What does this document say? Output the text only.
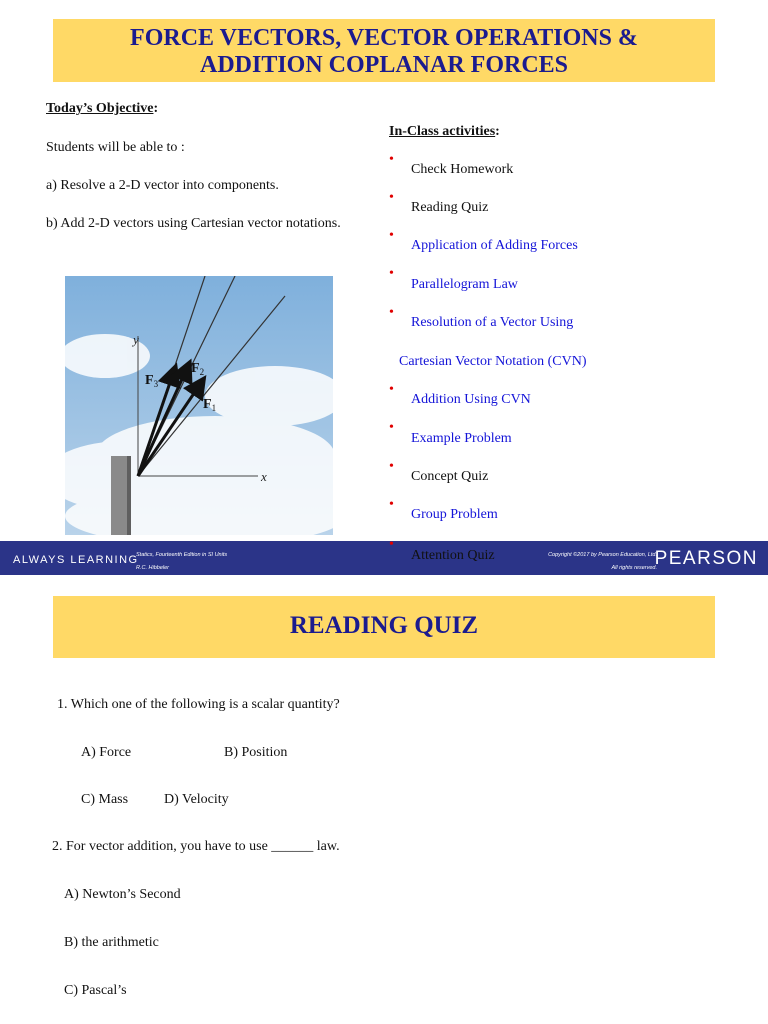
FORCE VECTORS, VECTOR OPERATIONS &
ADDITION COPLANAR FORCES
Today’s Objective:
Students will be able to :
a) Resolve a 2-D vector into components.
b) Add 2-D vectors using Cartesian vector notations.
y
x
$F_3$
$F_2$
$F_1$
In-Class activities:
•
Check Homework
•
Reading Quiz
•
Application of Adding Forces
•
Parallelogram Law
•
Resolution of a Vector Using
Cartesian Vector Notation (CVN)
•
Addition Using CVN
•
Example Problem
•
Concept Quiz
•
Group Problem
ALWAYS LEARNING
Statics, Fourteenth Edition in SI Units
R.C. Hibbeler
Copyright ©2017 by Pearson Education, Ltd.
All rights reserved.
PEARSON
•
Attention Quiz
READING QUIZ
1. Which one of the following is a scalar quantity?
A) Force	B) Position
C) Mass	D) Velocity
2. For vector addition, you have to use ______ law.
A) Newton’s Second
B) the arithmetic
C) Pascal’s
